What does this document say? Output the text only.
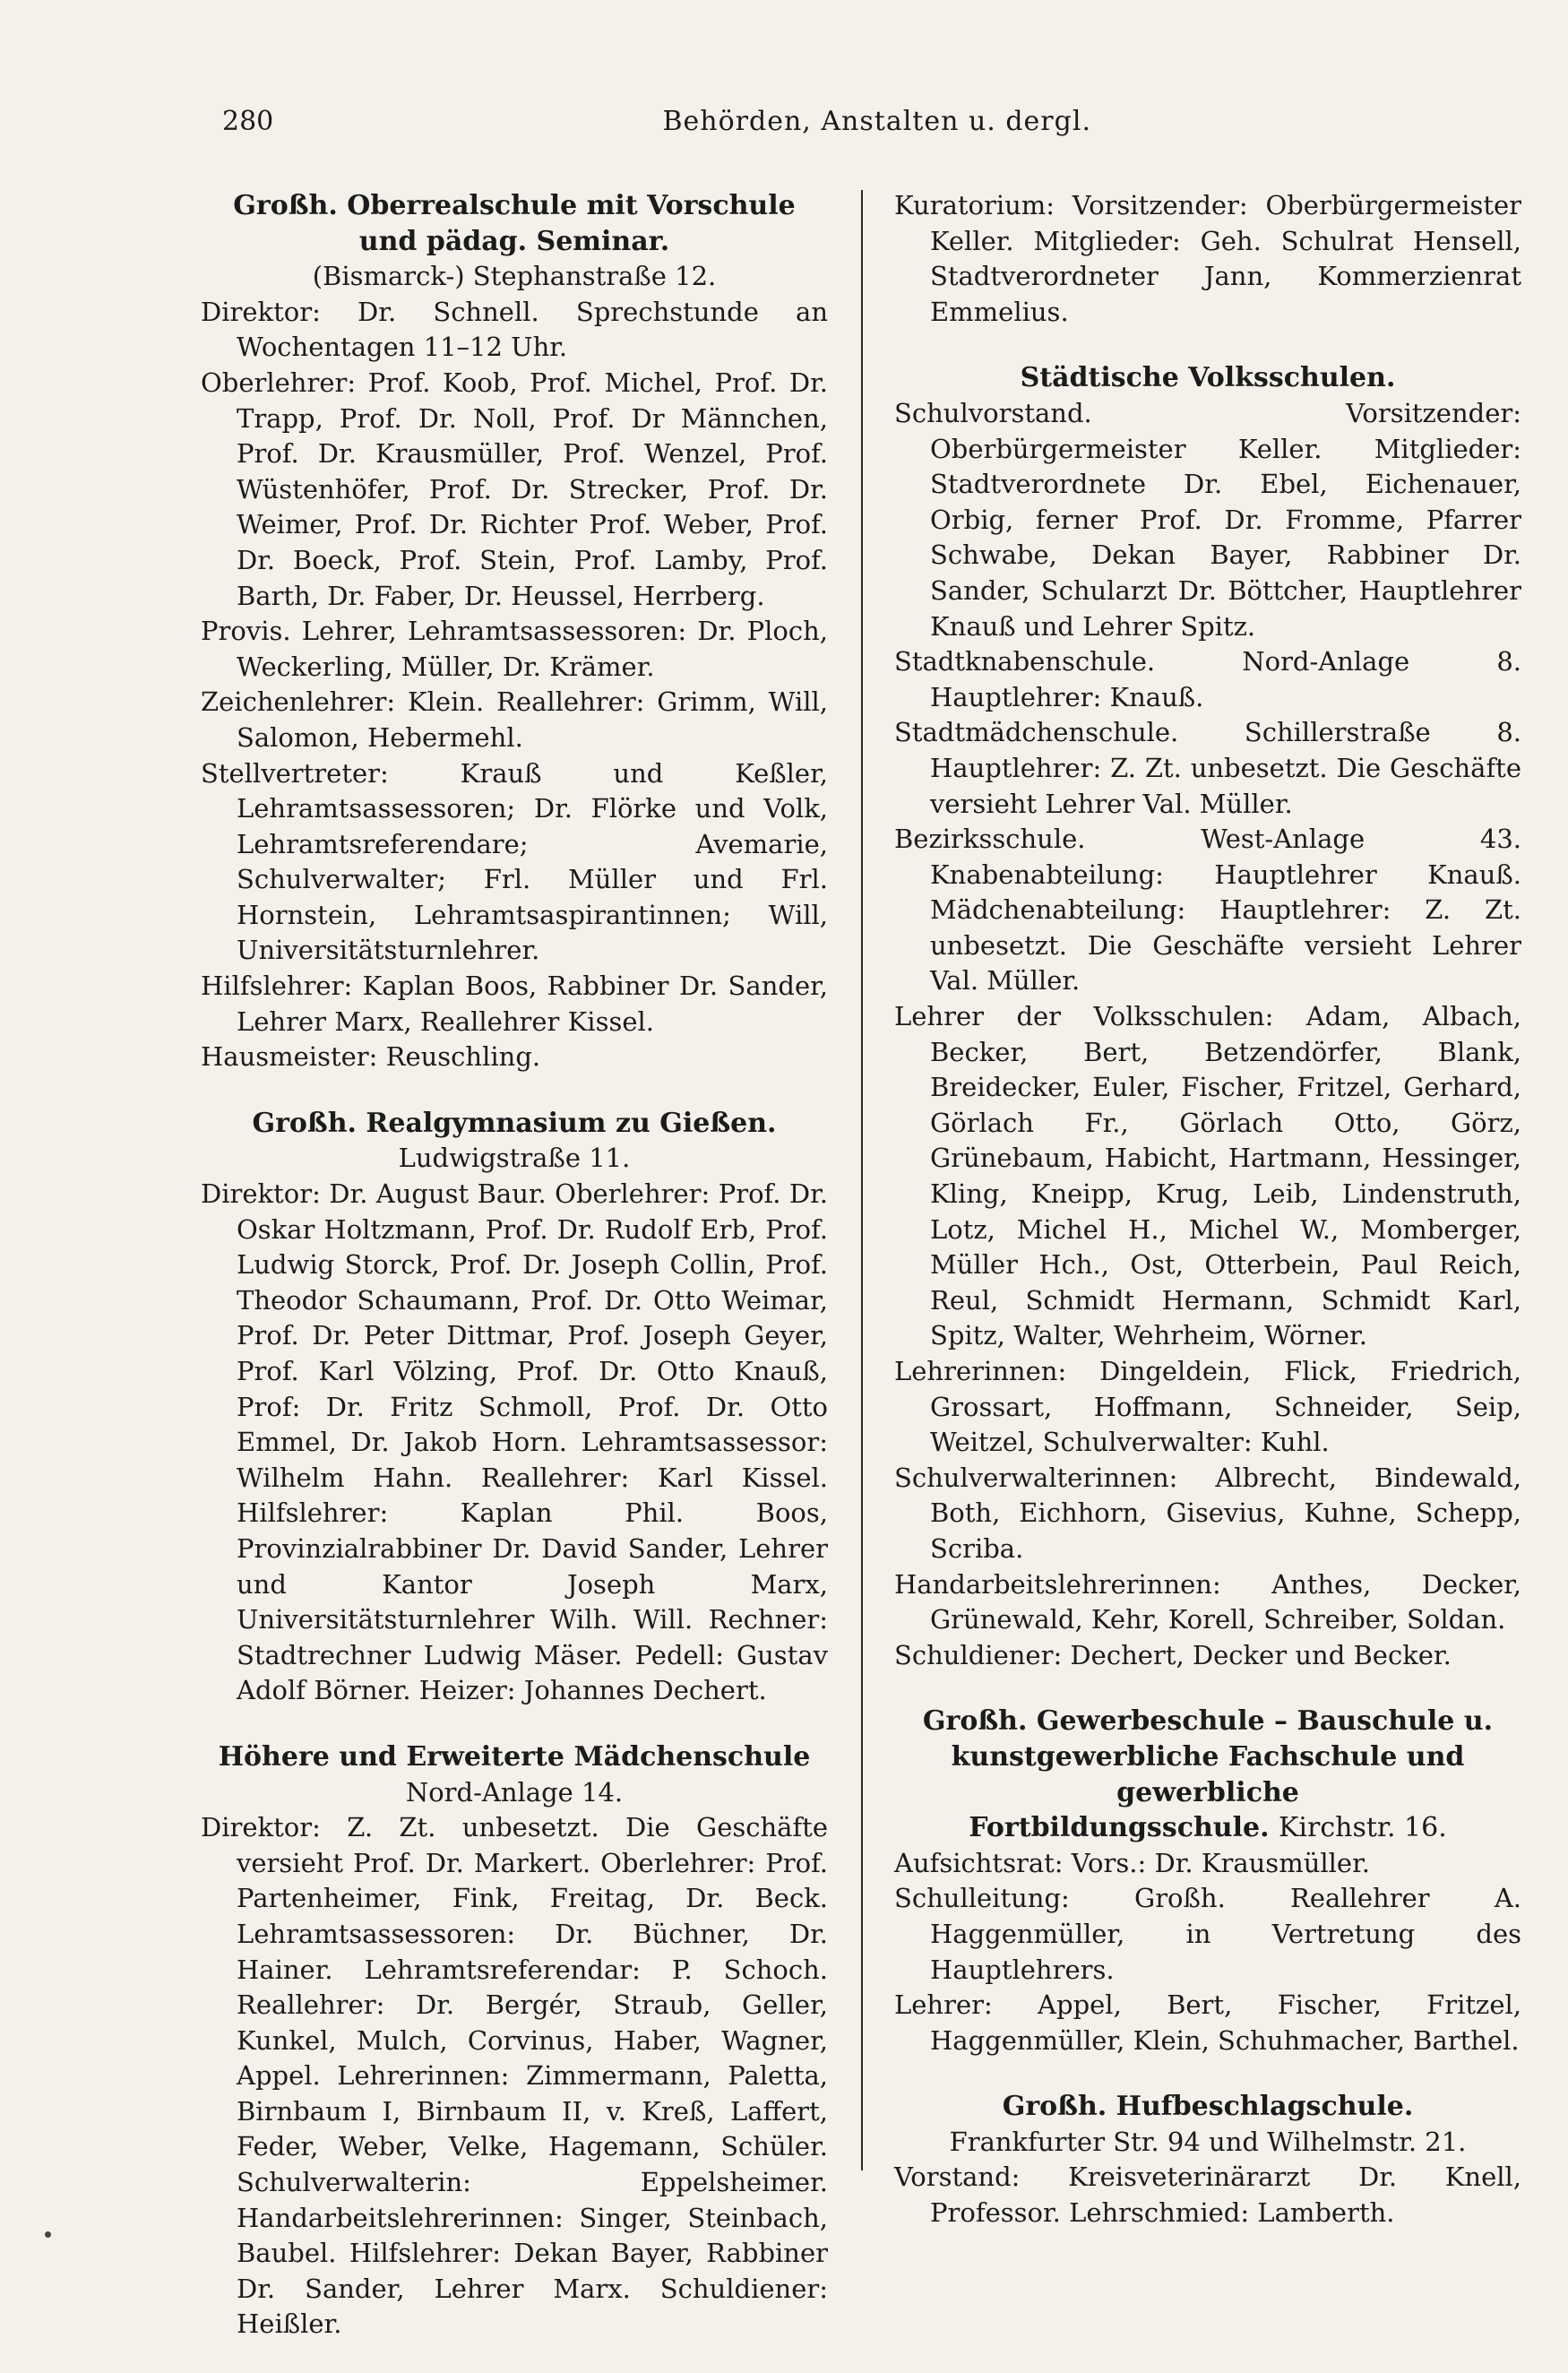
280	Behörden, Anstalten u. dergl.

Großh. Oberrealschule mit Vorschule

und pädag. Seminar.

(Bismarck-) Stephanstraße 12.

Direktor: Dr. Schnell. Sprechstunde an Wochentagen 11–12 Uhr.

Oberlehrer: Prof. Koob, Prof. Michel, Prof. Dr. Trapp, Prof. Dr. Noll, Prof. Dr Männchen, Prof. Dr. Krausmüller, Prof. Wenzel, Prof. Wüstenhöfer, Prof. Dr. Strecker, Prof. Dr. Weimer, Prof. Dr. Richter Prof. Weber, Prof. Dr. Boeck, Prof. Stein, Prof. Lamby, Prof. Barth, Dr. Faber, Dr. Heussel, Herrberg.

Provis. Lehrer, Lehramtsassessoren: Dr. Ploch, Weckerling, Müller, Dr. Krämer.

Zeichenlehrer: Klein. Reallehrer: Grimm, Will, Salomon, Hebermehl.

Stellvertreter: Krauß und Keßler, Lehramtsassessoren; Dr. Flörke und Volk, Lehramtsreferendare; Avemarie, Schulverwalter; Frl. Müller und Frl. Hornstein, Lehramtsaspirantinnen; Will, Universitätsturnlehrer.

Hilfslehrer: Kaplan Boos, Rabbiner Dr. Sander, Lehrer Marx, Reallehrer Kissel.

Hausmeister: Reuschling.

Großh. Realgymnasium zu Gießen.

Ludwigstraße 11.

Direktor: Dr. August Baur. Oberlehrer: Prof. Dr. Oskar Holtzmann, Prof. Dr. Rudolf Erb, Prof. Ludwig Storck, Prof. Dr. Joseph Collin, Prof. Theodor Schaumann, Prof. Dr. Otto Weimar, Prof. Dr. Peter Dittmar, Prof. Joseph Geyer, Prof. Karl Völzing, Prof. Dr. Otto Knauß, Prof: Dr. Fritz Schmoll, Prof. Dr. Otto Emmel, Dr. Jakob Horn. Lehramtsassessor: Wilhelm Hahn. Reallehrer: Karl Kissel. Hilfslehrer: Kaplan Phil. Boos, Provinzialrabbiner Dr. David Sander, Lehrer und Kantor Joseph Marx, Universitätsturnlehrer Wilh. Will. Rechner: Stadtrechner Ludwig Mäser. Pedell: Gustav Adolf Börner. Heizer: Johannes Dechert.

Höhere und Erweiterte Mädchenschule

Nord-Anlage 14.

Direktor: Z. Zt. unbesetzt. Die Geschäfte versieht Prof. Dr. Markert. Oberlehrer: Prof. Partenheimer, Fink, Freitag, Dr. Beck. Lehramtsassessoren: Dr. Büchner, Dr. Hainer. Lehramtsreferendar: P. Schoch. Reallehrer: Dr. Bergér, Straub, Geller, Kunkel, Mulch, Corvinus, Haber, Wagner, Appel. Lehrerinnen: Zimmermann, Paletta, Birnbaum I, Birnbaum II, v. Kreß, Laffert, Feder, Weber, Velke, Hagemann, Schüler. Schulverwalterin: Eppelsheimer. Handarbeitslehrerinnen: Singer, Steinbach, Baubel. Hilfslehrer: Dekan Bayer, Rabbiner Dr. Sander, Lehrer Marx. Schuldiener: Heißler.

Kuratorium: Vorsitzender: Oberbürgermeister Keller. Mitglieder: Geh. Schulrat Hensell, Stadtverordneter Jann, Kommerzienrat Emmelius.

Städtische Volksschulen.

Schulvorstand. Vorsitzender: Oberbürgermeister Keller. Mitglieder: Stadtverordnete Dr. Ebel, Eichenauer, Orbig, ferner Prof. Dr. Fromme, Pfarrer Schwabe, Dekan Bayer, Rabbiner Dr. Sander, Schularzt Dr. Böttcher, Hauptlehrer Knauß und Lehrer Spitz.

Stadtknabenschule. Nord-Anlage 8. Hauptlehrer: Knauß.

Stadtmädchenschule. Schillerstraße 8. Hauptlehrer: Z. Zt. unbesetzt. Die Geschäfte versieht Lehrer Val. Müller.

Bezirksschule. West-Anlage 43. Knabenabteilung: Hauptlehrer Knauß. Mädchenabteilung: Hauptlehrer: Z. Zt. unbesetzt. Die Geschäfte versieht Lehrer Val. Müller.

Lehrer der Volksschulen: Adam, Albach, Becker, Bert, Betzendörfer, Blank, Breidecker, Euler, Fischer, Fritzel, Gerhard, Görlach Fr., Görlach Otto, Görz, Grünebaum, Habicht, Hartmann, Hessinger, Kling, Kneipp, Krug, Leib, Lindenstruth, Lotz, Michel H., Michel W., Momberger, Müller Hch., Ost, Otterbein, Paul Reich, Reul, Schmidt Hermann, Schmidt Karl, Spitz, Walter, Wehrheim, Wörner.

Lehrerinnen: Dingeldein, Flick, Friedrich, Grossart, Hoffmann, Schneider, Seip, Weitzel, Schulverwalter: Kuhl.

Schulverwalterinnen: Albrecht, Bindewald, Both, Eichhorn, Gisevius, Kuhne, Schepp, Scriba.

Handarbeitslehrerinnen: Anthes, Decker, Grünewald, Kehr, Korell, Schreiber, Soldan.

Schuldiener: Dechert, Decker und Becker.

Großh. Gewerbeschule – Bauschule u. kunstgewerbliche Fachschule und gewerbliche

Fortbildungsschule. Kirchstr. 16.

Aufsichtsrat: Vors.: Dr. Krausmüller.

Schulleitung: Großh. Reallehrer A. Haggenmüller, in Vertretung des Hauptlehrers.

Lehrer: Appel, Bert, Fischer, Fritzel, Haggenmüller, Klein, Schuhmacher, Barthel.

Großh. Hufbeschlagschule.

Frankfurter Str. 94 und Wilhelmstr. 21.

Vorstand: Kreisveterinärarzt Dr. Knell, Professor. Lehrschmied: Lamberth.
